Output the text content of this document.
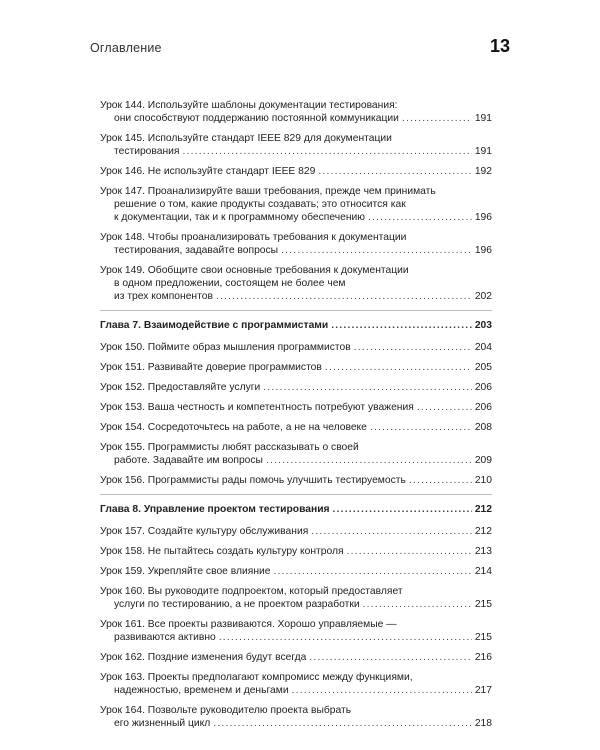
Оглавление	13
Урок 144. Используйте шаблоны документации тестирования:
они способствуют поддержанию постоянной коммуникации .....	191
Урок 145. Используйте стандарт IEEE 829 для документации
тестирования .....	191
Урок 146. Не используйте стандарт IEEE 829 .....	192
Урок 147. Проанализируйте ваши требования, прежде чем принимать
решение о том, какие продукты создавать; это относится как
к документации, так и к программному обеспечению .....	196
Урок 148. Чтобы проанализировать требования к документации
тестирования, задавайте вопросы .....	196
Урок 149. Обобщите свои основные требования к документации
в одном предложении, состоящем не более чем
из трех компонентов .....	202
Глава 7. Взаимодействие с программистами .....	203
Урок 150. Поймите образ мышления программистов .....	204
Урок 151. Развивайте доверие программистов .....	205
Урок 152. Предоставляйте услуги .....	206
Урок 153. Ваша честность и компетентность потребуют уважения .....	206
Урок 154. Сосредоточьтесь на работе, а не на человеке .....	208
Урок 155. Программисты любят рассказывать о своей
работе. Задавайте им вопросы .....	209
Урок 156. Программисты рады помочь улучшить тестируемость .....	210
Глава 8. Управление проектом тестирования .....	212
Урок 157. Создайте культуру обслуживания .....	212
Урок 158. Не пытайтесь создать культуру контроля .....	213
Урок 159. Укрепляйте свое влияние .....	214
Урок 160. Вы руководите подпроектом, который предоставляет
услуги по тестированию, а не проектом разработки .....	215
Урок 161. Все проекты развиваются. Хорошо управляемые —
развиваются активно .....	215
Урок 162. Поздние изменения будут всегда .....	216
Урок 163. Проекты предполагают компромисс между функциями,
надежностью, временем и деньгами .....	217
Урок 164. Позвольте руководителю проекта выбрать
его жизненный цикл .....	218
